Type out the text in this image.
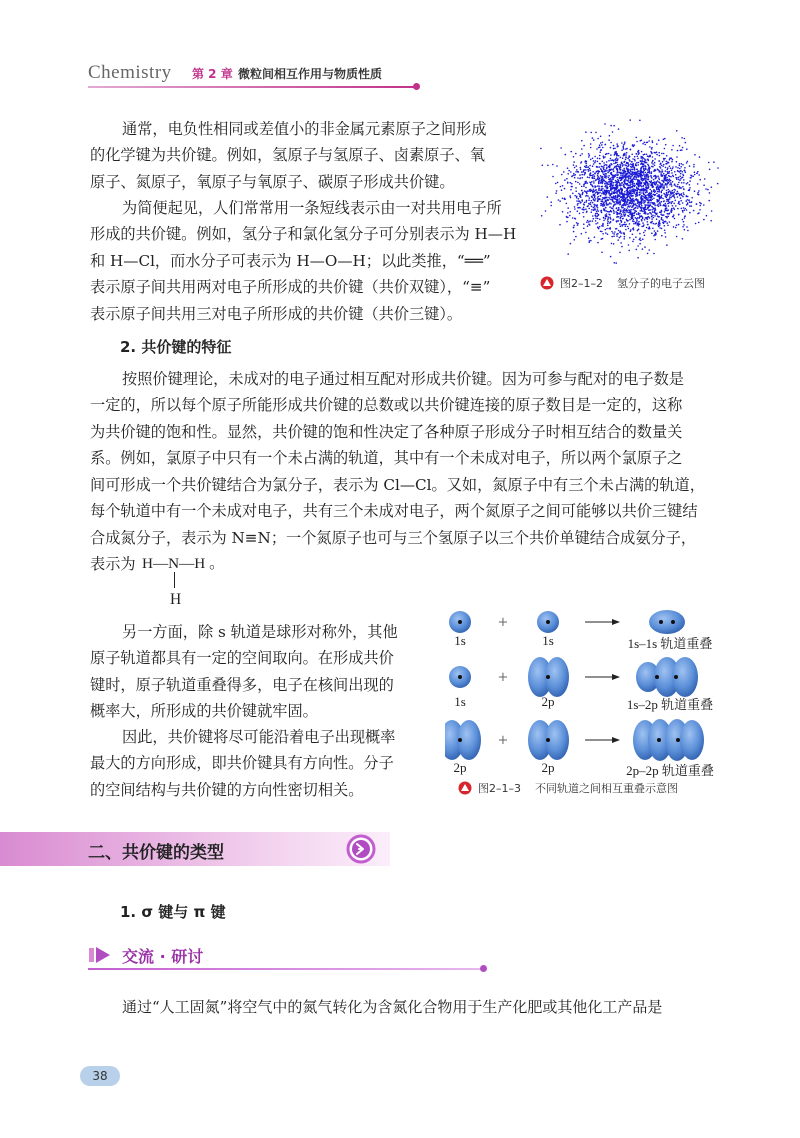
Chemistry 第 2 章 微粒间相互作用与物质性质

通常，电负性相同或差值小的非金属元素原子之间形成

的化学键为共价键。例如，氢原子与氢原子、卤素原子、氧

原子、氮原子，氧原子与氧原子、碳原子形成共价键。

为简便起见，人们常常用一条短线表示由一对共用电子所

形成的共价键。例如，氢分子和氯化氢分子可分别表示为 H—H

和 H—Cl，而水分子可表示为 H—O—H；以此类推，“══”

表示原子间共用两对电子所形成的共价键（共价双键），“≡”

表示原子间共用三对电子所形成的共价键（共价三键）。

图2–1–2 氢分子的电子云图
2. 共价键的特征

按照价键理论，未成对的电子通过相互配对形成共价键。因为可参与配对的电子数是

一定的，所以每个原子所能形成共价键的总数或以共价键连接的原子数目是一定的，这称

为共价键的饱和性。显然，共价键的饱和性决定了各种原子形成分子时相互结合的数量关

系。例如，氯原子中只有一个未占满的轨道，其中有一个未成对电子，所以两个氯原子之

间可形成一个共价键结合为氯分子，表示为 Cl—Cl。又如，氮原子中有三个未占满的轨道，

每个轨道中有一个未成对电子，共有三个未成对电子，两个氮原子之间可能够以共价三键结

合成氮分子，表示为 N≡N；一个氮原子也可与三个氢原子以三个共价单键结合成氨分子，

表示为 H—N—H 。
H

另一方面，除 s 轨道是球形对称外，其他

原子轨道都具有一定的空间取向。在形成共价

键时，原子轨道重叠得多，电子在核间出现的

概率大，所形成的共价键就牢固。

因此，共价键将尽可能沿着电子出现概率

最大的方向形成，即共价键具有方向性。分子

的空间结构与共价键的方向性密切相关。

+
+
+
1s	1s	1s–1s 轨道重叠
1s	2p	1s–2p 轨道重叠
2p	2p	2p–2p 轨道重叠
图2–1–3 不同轨道之间相互重叠示意图
二、共价键的类型
1. σ 键与 π 键
交流 · 研讨
通过“人工固氮”将空气中的氮气转化为含氮化合物用于生产化肥或其他化工产品是
38
